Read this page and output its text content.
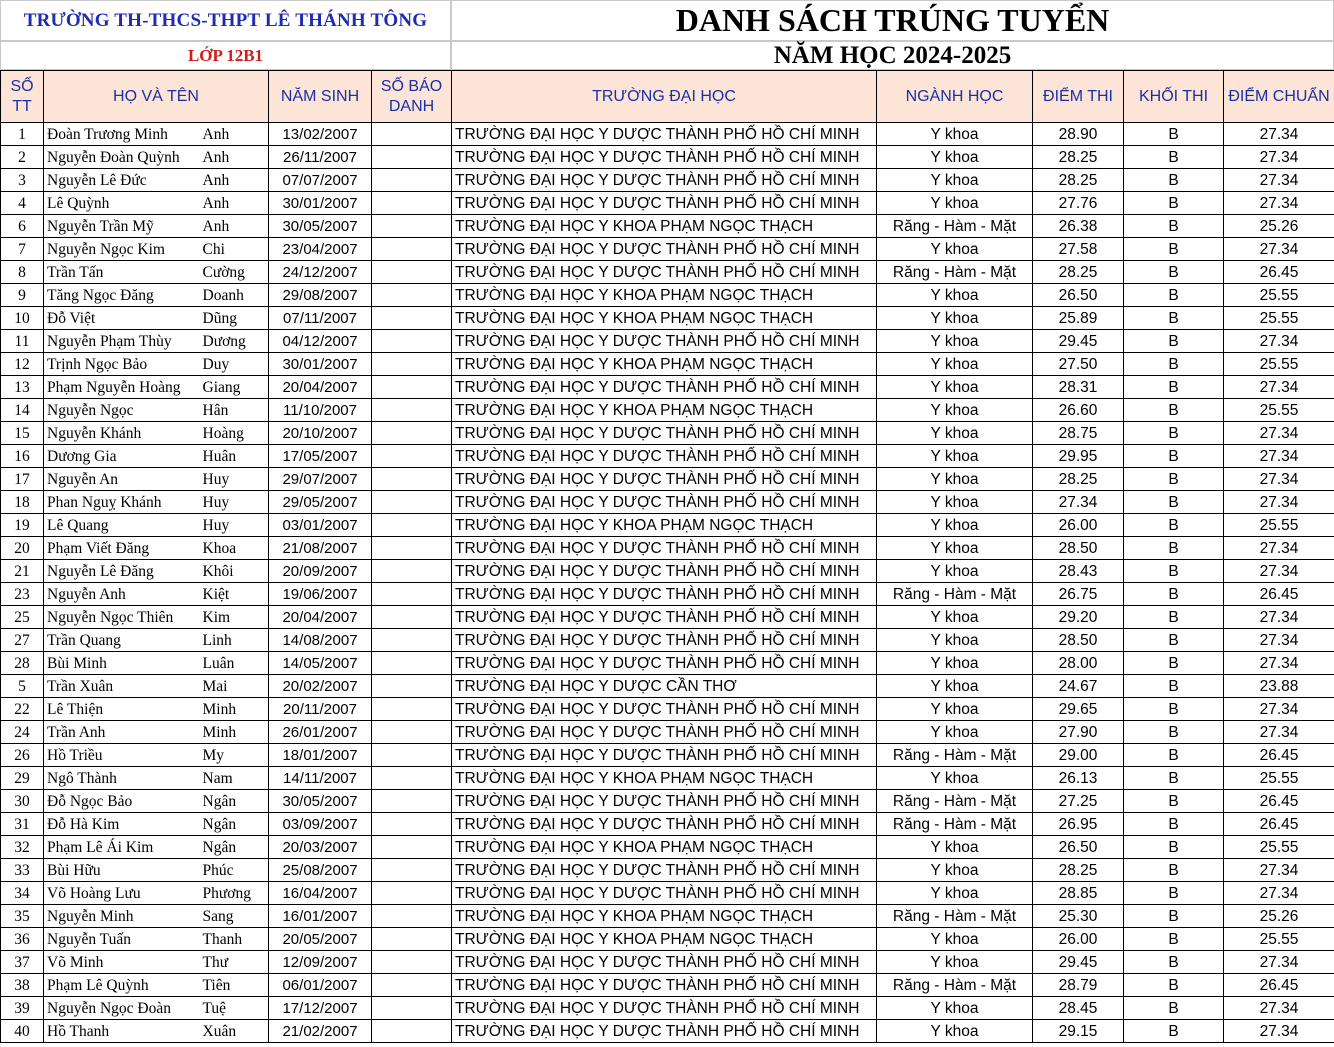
TRƯỜNG TH-THCS-THPT LÊ THÁNH TÔNG
LỚP 12B1
DANH SÁCH TRÚNG TUYỂN
NĂM HỌC 2024-2025
SỐ
TT	HỌ VÀ TÊN		NĂM SINH	SỐ BÁO
DANH	TRƯỜNG ĐẠI HỌC	NGÀNH HỌC	ĐIỂM THI	KHỐI THI	ĐIỂM CHUẨN
1	Đoàn Trương Minh	Anh	13/02/2007		TRƯỜNG ĐẠI HỌC Y DƯỢC THÀNH PHỐ HỒ CHÍ MINH	Y khoa	28.90	B	27.34
2	Nguyễn Đoàn Quỳnh	Anh	26/11/2007		TRƯỜNG ĐẠI HỌC Y DƯỢC THÀNH PHỐ HỒ CHÍ MINH	Y khoa	28.25	B	27.34
3	Nguyễn Lê Đức	Anh	07/07/2007		TRƯỜNG ĐẠI HỌC Y DƯỢC THÀNH PHỐ HỒ CHÍ MINH	Y khoa	28.25	B	27.34
4	Lê Quỳnh	Anh	30/01/2007		TRƯỜNG ĐẠI HỌC Y DƯỢC THÀNH PHỐ HỒ CHÍ MINH	Y khoa	27.76	B	27.34
6	Nguyễn Trần Mỹ	Anh	30/05/2007		TRƯỜNG ĐẠI HỌC Y KHOA PHẠM NGỌC THẠCH	Răng - Hàm - Mặt	26.38	B	25.26
7	Nguyễn Ngọc Kim	Chi	23/04/2007		TRƯỜNG ĐẠI HỌC Y DƯỢC THÀNH PHỐ HỒ CHÍ MINH	Y khoa	27.58	B	27.34
8	Trần Tấn	Cường	24/12/2007		TRƯỜNG ĐẠI HỌC Y DƯỢC THÀNH PHỐ HỒ CHÍ MINH	Răng - Hàm - Mặt	28.25	B	26.45
9	Tăng Ngọc Đăng	Doanh	29/08/2007		TRƯỜNG ĐẠI HỌC Y KHOA PHẠM NGỌC THẠCH	Y khoa	26.50	B	25.55
10	Đỗ Việt	Dũng	07/11/2007		TRƯỜNG ĐẠI HỌC Y KHOA PHẠM NGỌC THẠCH	Y khoa	25.89	B	25.55
11	Nguyễn Phạm Thùy	Dương	04/12/2007		TRƯỜNG ĐẠI HỌC Y DƯỢC THÀNH PHỐ HỒ CHÍ MINH	Y khoa	29.45	B	27.34
12	Trịnh Ngọc Bảo	Duy	30/01/2007		TRƯỜNG ĐẠI HỌC Y KHOA PHẠM NGỌC THẠCH	Y khoa	27.50	B	25.55
13	Phạm Nguyễn Hoàng	Giang	20/04/2007		TRƯỜNG ĐẠI HỌC Y DƯỢC THÀNH PHỐ HỒ CHÍ MINH	Y khoa	28.31	B	27.34
14	Nguyễn Ngọc	Hân	11/10/2007		TRƯỜNG ĐẠI HỌC Y KHOA PHẠM NGỌC THẠCH	Y khoa	26.60	B	25.55
15	Nguyễn Khánh	Hoàng	20/10/2007		TRƯỜNG ĐẠI HỌC Y DƯỢC THÀNH PHỐ HỒ CHÍ MINH	Y khoa	28.75	B	27.34
16	Dương Gia	Huân	17/05/2007		TRƯỜNG ĐẠI HỌC Y DƯỢC THÀNH PHỐ HỒ CHÍ MINH	Y khoa	29.95	B	27.34
17	Nguyễn An	Huy	29/07/2007		TRƯỜNG ĐẠI HỌC Y DƯỢC THÀNH PHỐ HỒ CHÍ MINH	Y khoa	28.25	B	27.34
18	Phan Nguỵ Khánh	Huy	29/05/2007		TRƯỜNG ĐẠI HỌC Y DƯỢC THÀNH PHỐ HỒ CHÍ MINH	Y khoa	27.34	B	27.34
19	Lê Quang	Huy	03/01/2007		TRƯỜNG ĐẠI HỌC Y KHOA PHẠM NGỌC THẠCH	Y khoa	26.00	B	25.55
20	Phạm Viết Đăng	Khoa	21/08/2007		TRƯỜNG ĐẠI HỌC Y DƯỢC THÀNH PHỐ HỒ CHÍ MINH	Y khoa	28.50	B	27.34
21	Nguyễn Lê Đăng	Khôi	20/09/2007		TRƯỜNG ĐẠI HỌC Y DƯỢC THÀNH PHỐ HỒ CHÍ MINH	Y khoa	28.43	B	27.34
23	Nguyễn Anh	Kiệt	19/06/2007		TRƯỜNG ĐẠI HỌC Y DƯỢC THÀNH PHỐ HỒ CHÍ MINH	Răng - Hàm - Mặt	26.75	B	26.45
25	Nguyễn Ngọc Thiên	Kim	20/04/2007		TRƯỜNG ĐẠI HỌC Y DƯỢC THÀNH PHỐ HỒ CHÍ MINH	Y khoa	29.20	B	27.34
27	Trần Quang	Linh	14/08/2007		TRƯỜNG ĐẠI HỌC Y DƯỢC THÀNH PHỐ HỒ CHÍ MINH	Y khoa	28.50	B	27.34
28	Bùi Minh	Luân	14/05/2007		TRƯỜNG ĐẠI HỌC Y DƯỢC THÀNH PHỐ HỒ CHÍ MINH	Y khoa	28.00	B	27.34
5	Trần Xuân	Mai	20/02/2007		TRƯỜNG ĐẠI HỌC Y DƯỢC CẦN THƠ	Y khoa	24.67	B	23.88
22	Lê Thiện	Minh	20/11/2007		TRƯỜNG ĐẠI HỌC Y DƯỢC THÀNH PHỐ HỒ CHÍ MINH	Y khoa	29.65	B	27.34
24	Trần Anh	Minh	26/01/2007		TRƯỜNG ĐẠI HỌC Y DƯỢC THÀNH PHỐ HỒ CHÍ MINH	Y khoa	27.90	B	27.34
26	Hồ Triều	My	18/01/2007		TRƯỜNG ĐẠI HỌC Y DƯỢC THÀNH PHỐ HỒ CHÍ MINH	Răng - Hàm - Mặt	29.00	B	26.45
29	Ngô Thành	Nam	14/11/2007		TRƯỜNG ĐẠI HỌC Y KHOA PHẠM NGỌC THẠCH	Y khoa	26.13	B	25.55
30	Đỗ Ngọc Bảo	Ngân	30/05/2007		TRƯỜNG ĐẠI HỌC Y DƯỢC THÀNH PHỐ HỒ CHÍ MINH	Răng - Hàm - Mặt	27.25	B	26.45
31	Đỗ Hà Kim	Ngân	03/09/2007		TRƯỜNG ĐẠI HỌC Y DƯỢC THÀNH PHỐ HỒ CHÍ MINH	Răng - Hàm - Mặt	26.95	B	26.45
32	Phạm Lê Ái Kim	Ngân	20/03/2007		TRƯỜNG ĐẠI HỌC Y KHOA PHẠM NGỌC THẠCH	Y khoa	26.50	B	25.55
33	Bùi Hữu	Phúc	25/08/2007		TRƯỜNG ĐẠI HỌC Y DƯỢC THÀNH PHỐ HỒ CHÍ MINH	Y khoa	28.25	B	27.34
34	Võ Hoàng Lưu	Phương	16/04/2007		TRƯỜNG ĐẠI HỌC Y DƯỢC THÀNH PHỐ HỒ CHÍ MINH	Y khoa	28.85	B	27.34
35	Nguyễn Minh	Sang	16/01/2007		TRƯỜNG ĐẠI HỌC Y KHOA PHẠM NGỌC THẠCH	Răng - Hàm - Mặt	25.30	B	25.26
36	Nguyễn Tuấn	Thanh	20/05/2007		TRƯỜNG ĐẠI HỌC Y KHOA PHẠM NGỌC THẠCH	Y khoa	26.00	B	25.55
37	Võ Minh	Thư	12/09/2007		TRƯỜNG ĐẠI HỌC Y DƯỢC THÀNH PHỐ HỒ CHÍ MINH	Y khoa	29.45	B	27.34
38	Phạm Lê Quỳnh	Tiên	06/01/2007		TRƯỜNG ĐẠI HỌC Y DƯỢC THÀNH PHỐ HỒ CHÍ MINH	Răng - Hàm - Mặt	28.79	B	26.45
39	Nguyễn Ngọc Đoàn	Tuệ	17/12/2007		TRƯỜNG ĐẠI HỌC Y DƯỢC THÀNH PHỐ HỒ CHÍ MINH	Y khoa	28.45	B	27.34
40	Hồ Thanh	Xuân	21/02/2007		TRƯỜNG ĐẠI HỌC Y DƯỢC THÀNH PHỐ HỒ CHÍ MINH	Y khoa	29.15	B	27.34
